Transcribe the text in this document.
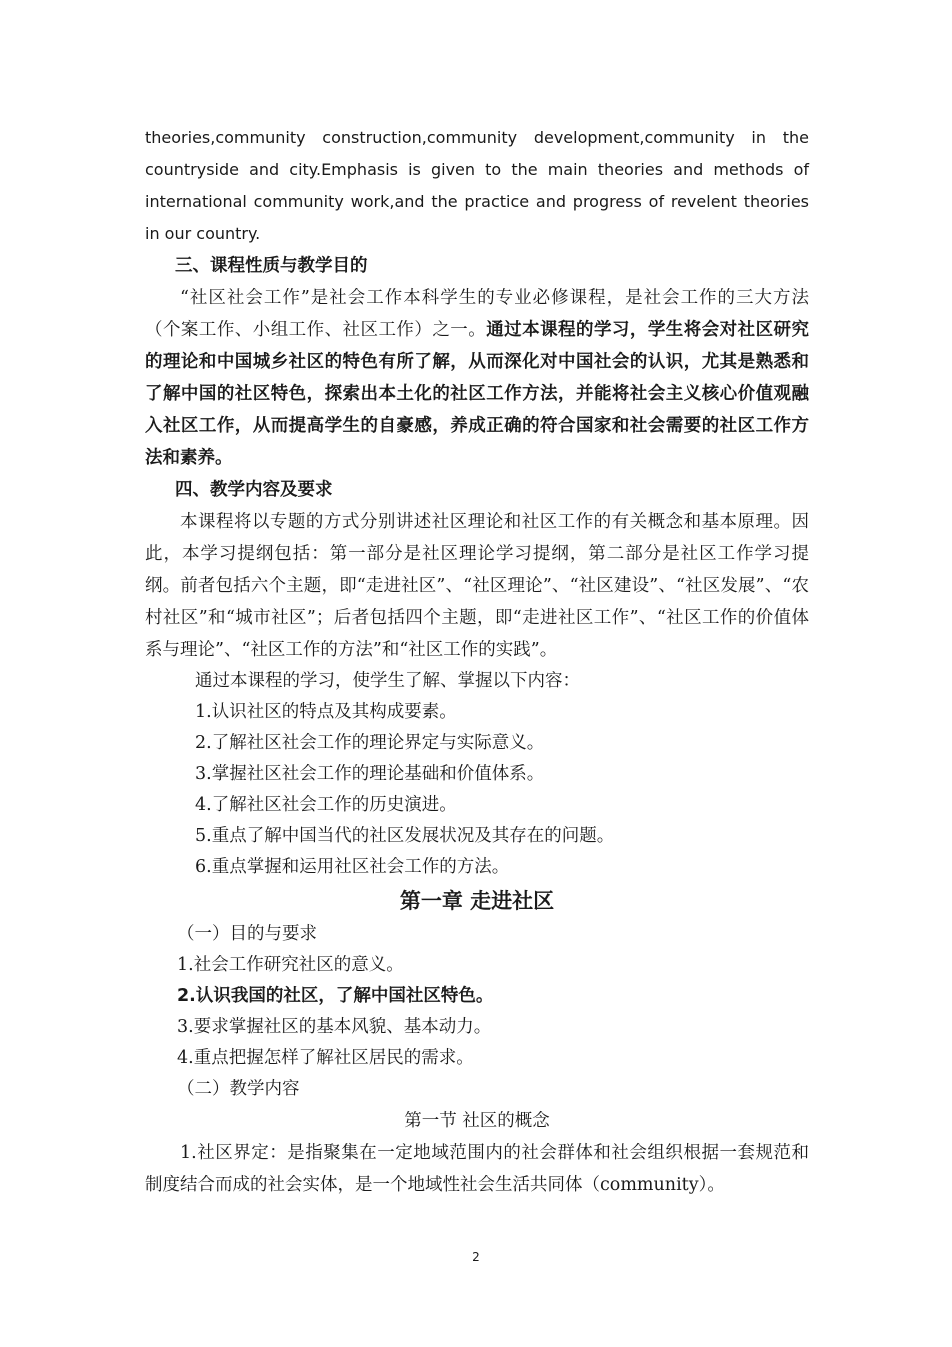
theories,community construction,community development,community in the countryside and city.Emphasis is given to the main theories and methods of international community work,and the practice and progress of revelent theories in our country.

三、课程性质与教学目的

“社区社会工作”是社会工作本科学生的专业必修课程，是社会工作的三大方法（个案工作、小组工作、社区工作）之一。通过本课程的学习，学生将会对社区研究的理论和中国城乡社区的特色有所了解，从而深化对中国社会的认识，尤其是熟悉和了解中国的社区特色，探索出本土化的社区工作方法，并能将社会主义核心价值观融入社区工作，从而提高学生的自豪感，养成正确的符合国家和社会需要的社区工作方法和素养。

四、教学内容及要求

本课程将以专题的方式分别讲述社区理论和社区工作的有关概念和基本原理。因此，本学习提纲包括：第一部分是社区理论学习提纲，第二部分是社区工作学习提纲。前者包括六个主题，即“走进社区”、“社区理论”、“社区建设”、“社区发展”、“农村社区”和“城市社区”；后者包括四个主题，即“走进社区工作”、“社区工作的价值体系与理论”、“社区工作的方法”和“社区工作的实践”。

通过本课程的学习，使学生了解、掌握以下内容：

1.认识社区的特点及其构成要素。

2.了解社区社会工作的理论界定与实际意义。

3.掌握社区社会工作的理论基础和价值体系。

4.了解社区社会工作的历史演进。

5.重点了解中国当代的社区发展状况及其存在的问题。

6.重点掌握和运用社区社会工作的方法。

第一章 走进社区

（一）目的与要求

1.社会工作研究社区的意义。

2.认识我国的社区，了解中国社区特色。

3.要求掌握社区的基本风貌、基本动力。

4.重点把握怎样了解社区居民的需求。

（二）教学内容

第一节 社区的概念

1.社区界定：是指聚集在一定地域范围内的社会群体和社会组织根据一套规范和制度结合而成的社会实体，是一个地域性社会生活共同体（community）。

2
